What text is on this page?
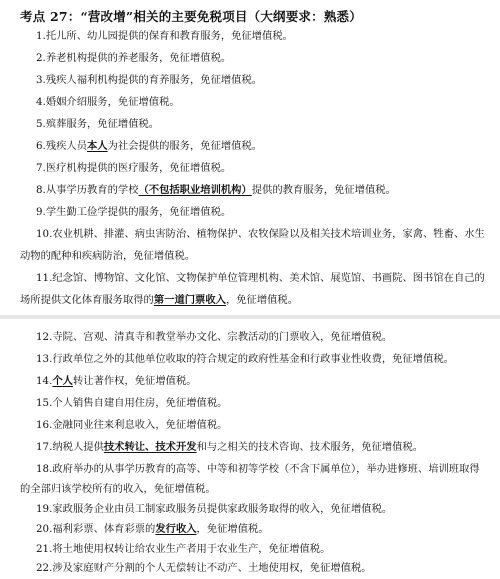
考点 27：“营改增”相关的主要免税项目（大纲要求：熟悉）
1.托儿所、幼儿园提供的保育和教育服务，免征增值税。
2.养老机构提供的养老服务，免征增值税。
3.残疾人福利机构提供的育养服务，免征增值税。
4.婚姻介绍服务，免征增值税。
5.殡葬服务，免征增值税。
6.残疾人员本人为社会提供的服务，免征增值税。
7.医疗机构提供的医疗服务，免征增值税。
8.从事学历教育的学校（不包括职业培训机构）提供的教育服务，免征增值税。
9.学生勤工俭学提供的服务，免征增值税。
10.农业机耕、排灌、病虫害防治、植物保护、农牧保险以及相关技术培训业务，家禽、牲畜、水生
动物的配种和疾病防治，免征增值税。
11.纪念馆、博物馆、文化馆、文物保护单位管理机构、美术馆、展览馆、书画院、图书馆在自己的
场所提供文化体育服务取得的第一道门票收入，免征增值税。
12.寺院、宫观、清真寺和教堂举办文化、宗教活动的门票收入，免征增值税。
13.行政单位之外的其他单位收取的符合规定的政府性基金和行政事业性收费，免征增值税。
14.个人转让著作权，免征增值税。
15.个人销售自建自用住房，免征增值税。
16.金融同业往来利息收入，免征增值税。
17.纳税人提供技术转让、技术开发和与之相关的技术咨询、技术服务，免征增值税。
18.政府举办的从事学历教育的高等、中等和初等学校（不含下属单位），举办进修班、培训班取得
的全部归该学校所有的收入，免征增值税。
19.家政服务企业由员工制家政服务员提供家政服务取得的收入，免征增值税。
20.福利彩票、体育彩票的发行收入，免征增值税。
21.将土地使用权转让给农业生产者用于农业生产，免征增值税。
22.涉及家庭财产分割的个人无偿转让不动产、土地使用权，免征增值税。
